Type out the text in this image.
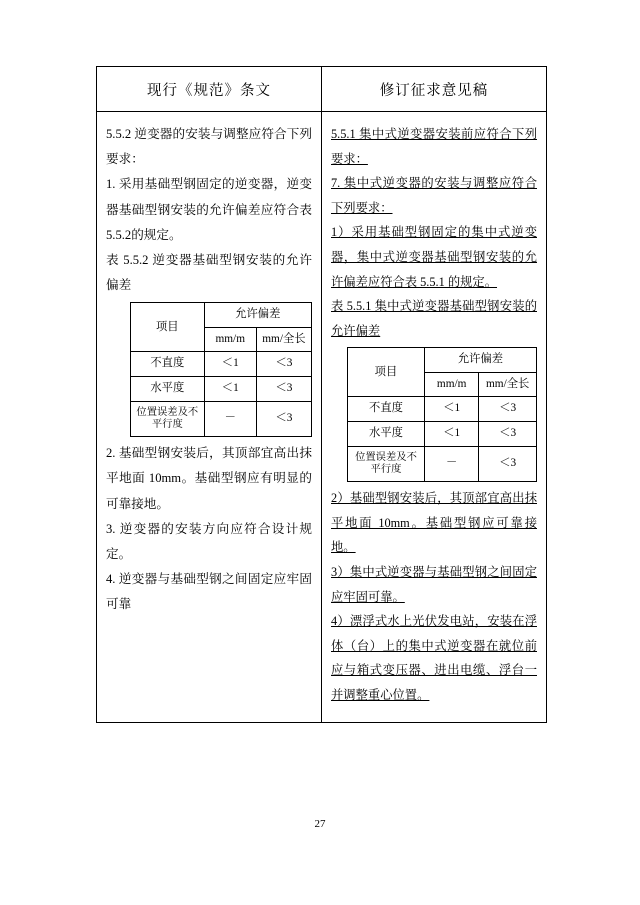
现行《规范》条文	修订征求意见稿

5.5.2 逆变器的安装与调整应符合下列要求：

1. 采用基础型钢固定的逆变器，逆变器基础型钢安装的允许偏差应符合表5.5.2的规定。

表 5.5.2 逆变器基础型钢安装的允许偏差

项目	允许偏差
mm/m	mm/全长
不直度	＜1	＜3
水平度	＜1	＜3
位置误差及不平行度	－	＜3

2. 基础型钢安装后，其顶部宜高出抹平地面 10mm。基础型钢应有明显的可靠接地。

3. 逆变器的安装方向应符合设计规定。

4. 逆变器与基础型钢之间固定应牢固可靠

5.5.1 集中式逆变器安装前应符合下列要求：

7. 集中式逆变器的安装与调整应符合下列要求：

1）采用基础型钢固定的集中式逆变器，集中式逆变器基础型钢安装的允许偏差应符合表 5.5.1 的规定。

表 5.5.1 集中式逆变器基础型钢安装的允许偏差

项目	允许偏差
mm/m	mm/全长
不直度	＜1	＜3
水平度	＜1	＜3
位置误差及不平行度	－	＜3

2）基础型钢安装后，其顶部宜高出抹平地面 10mm。基础型钢应可靠接地。

3）集中式逆变器与基础型钢之间固定应牢固可靠。

4）漂浮式水上光伏发电站，安装在浮体（台）上的集中式逆变器在就位前应与箱式变压器、进出电缆、浮台一并调整重心位置。

27
